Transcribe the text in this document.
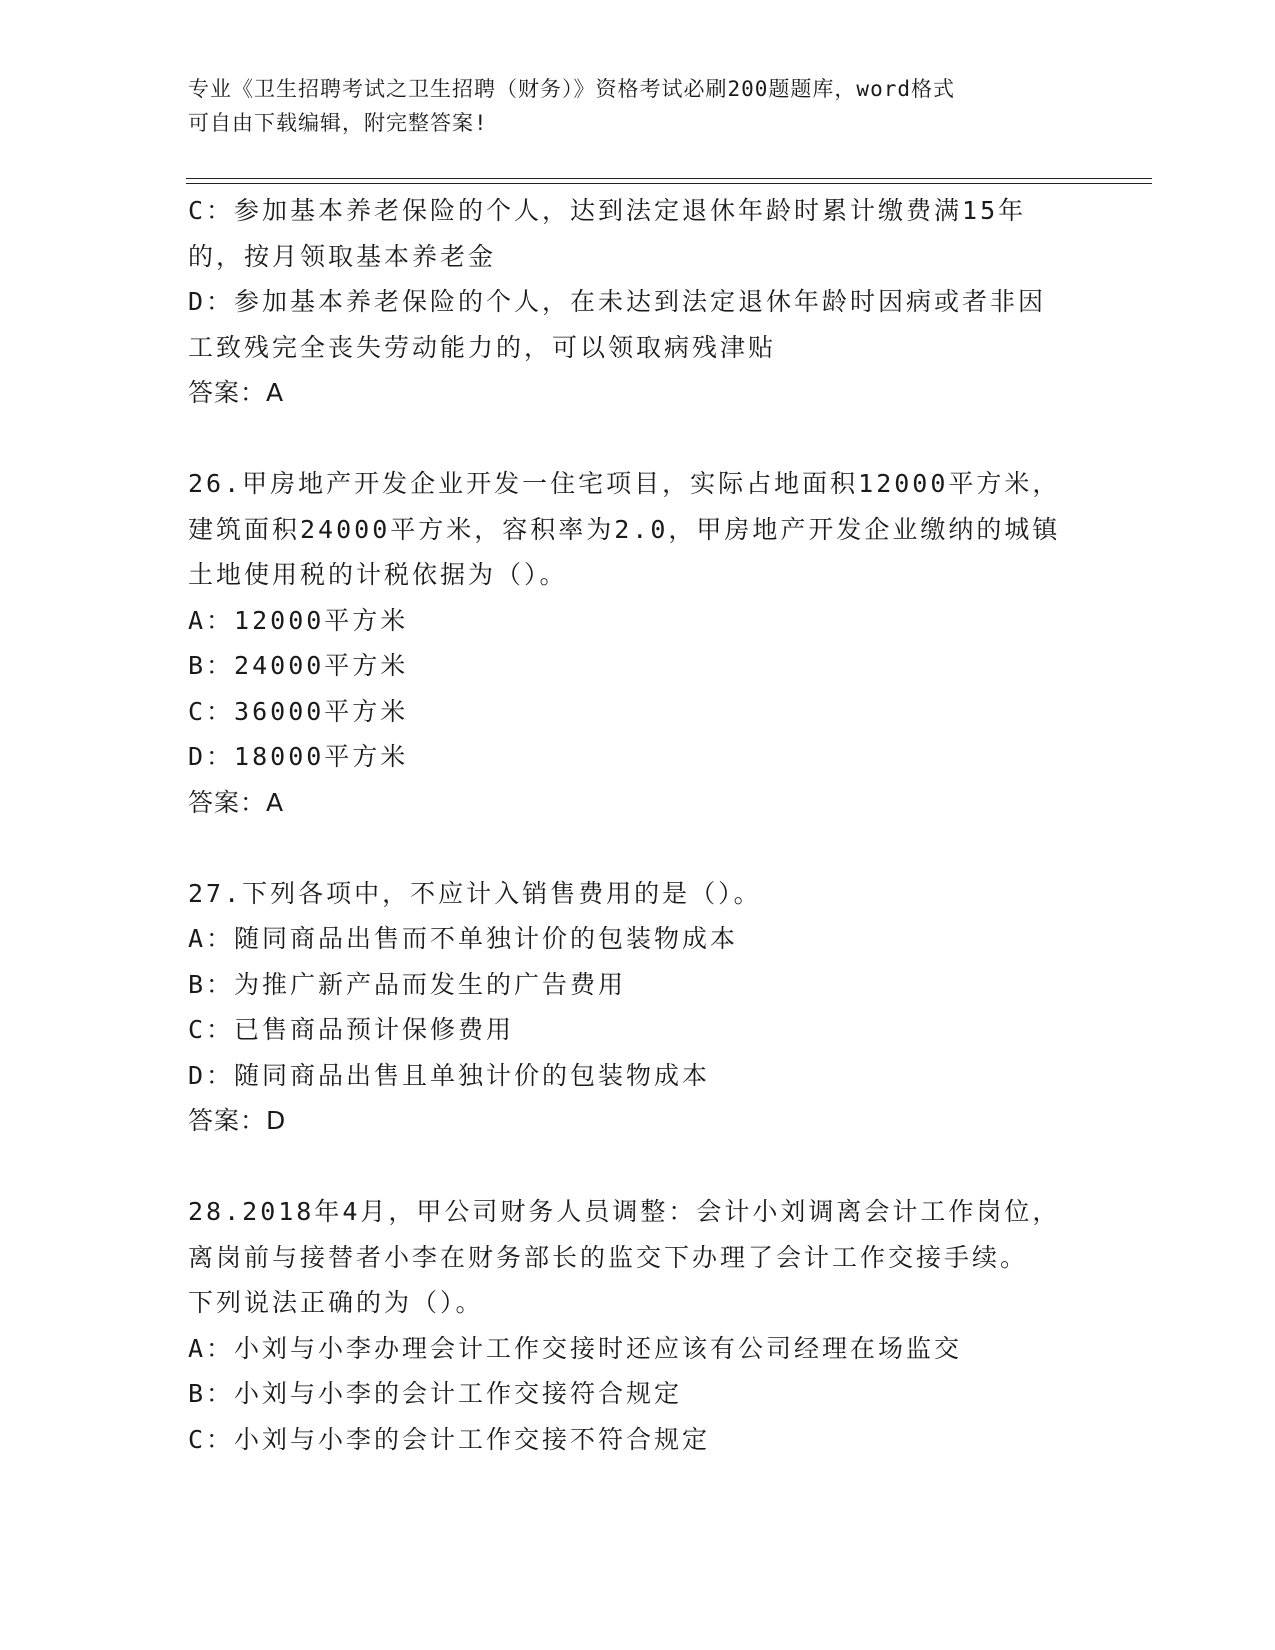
专业《卫生招聘考试之卫生招聘（财务）》资格考试必刷200题题库，word格式
可自由下载编辑，附完整答案!
C：参加基本养老保险的个人，达到法定退休年龄时累计缴费满15年
的，按月领取基本养老金
D：参加基本养老保险的个人，在未达到法定退休年龄时因病或者非因
工致残完全丧失劳动能力的，可以领取病残津贴
答案：A
26.甲房地产开发企业开发一住宅项目，实际占地面积12000平方米，
建筑面积24000平方米，容积率为2.0，甲房地产开发企业缴纳的城镇
土地使用税的计税依据为（）。
A：12000平方米
B：24000平方米
C：36000平方米
D：18000平方米
答案：A
27.下列各项中，不应计入销售费用的是（）。
A：随同商品出售而不单独计价的包装物成本
B：为推广新产品而发生的广告费用
C：已售商品预计保修费用
D：随同商品出售且单独计价的包装物成本
答案：D
28.2018年4月，甲公司财务人员调整：会计小刘调离会计工作岗位，
离岗前与接替者小李在财务部长的监交下办理了会计工作交接手续。
下列说法正确的为（）。
A：小刘与小李办理会计工作交接时还应该有公司经理在场监交
B：小刘与小李的会计工作交接符合规定
C：小刘与小李的会计工作交接不符合规定
